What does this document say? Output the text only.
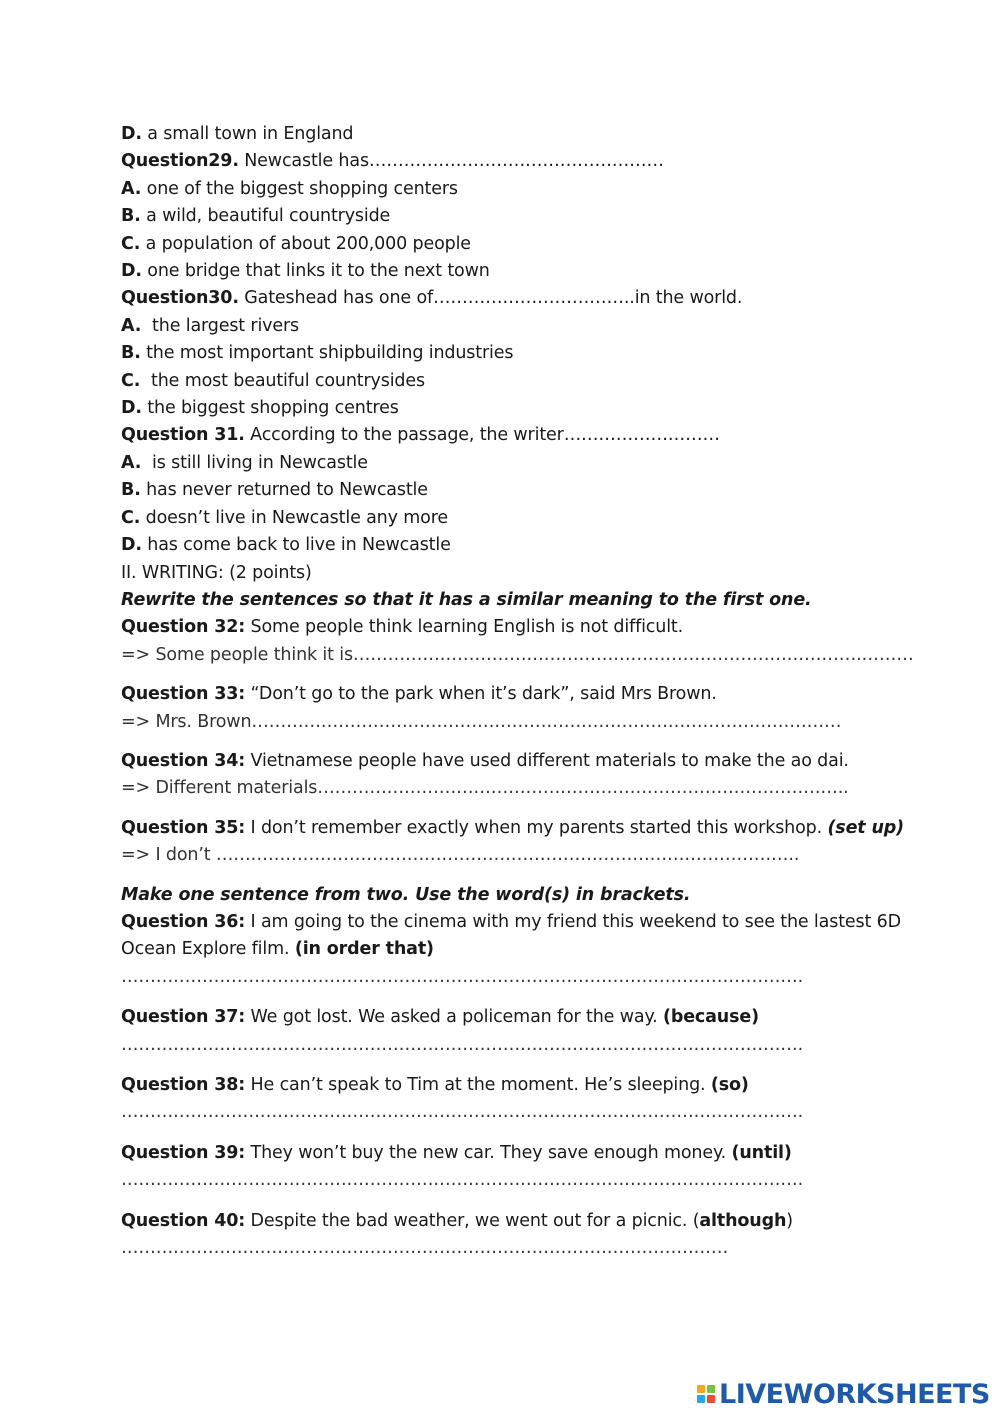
D. a small town in England
Question29. Newcastle has……………………………………………
A. one of the biggest shopping centers
B. a wild, beautiful countryside
C. a population of about 200,000 people
D. one bridge that links it to the next town
Question30. Gateshead has one of……………………………..in the world.
A.  the largest rivers
B. the most important shipbuilding industries
C.  the most beautiful countrysides
D. the biggest shopping centres
Question 31. According to the passage, the writer………………………
A.  is still living in Newcastle
B. has never returned to Newcastle
C. doesn’t live in Newcastle any more
D. has come back to live in Newcastle
II. WRITING: (2 points)
Rewrite the sentences so that it has a similar meaning to the first one.
Question 32: Some people think learning English is not difficult.
=> Some people think it is…………………………………………………………………………….………
Question 33: “Don’t go to the park when it’s dark”, said Mrs Brown.
=> Mrs. Brown…………………………………………………………………………………………
Question 34: Vietnamese people have used different materials to make the ao dai.
=> Different materials………………………………………………………………………………..
Question 35: I don’t remember exactly when my parents started this workshop. (set up)
=> I don’t ………………………………………………………………………………………..
Make one sentence from two. Use the word(s) in brackets.
Question 36: I am going to the cinema with my friend this weekend to see the lastest 6D
Ocean Explore film. (in order that)
……………………………………………………………………………………………………….
Question 37: We got lost. We asked a policeman for the way. (because)
……………………………………………………………………………………………………….
Question 38: He can’t speak to Tim at the moment. He’s sleeping. (so)
……………………………………………………………………………………………………….
Question 39: They won’t buy the new car. They save enough money. (until)
……………………………………………………………………………………………………….
Question 40: Despite the bad weather, we went out for a picnic. (although)
……………………………………………………………………………………………
LIVEWORKSHEETS
